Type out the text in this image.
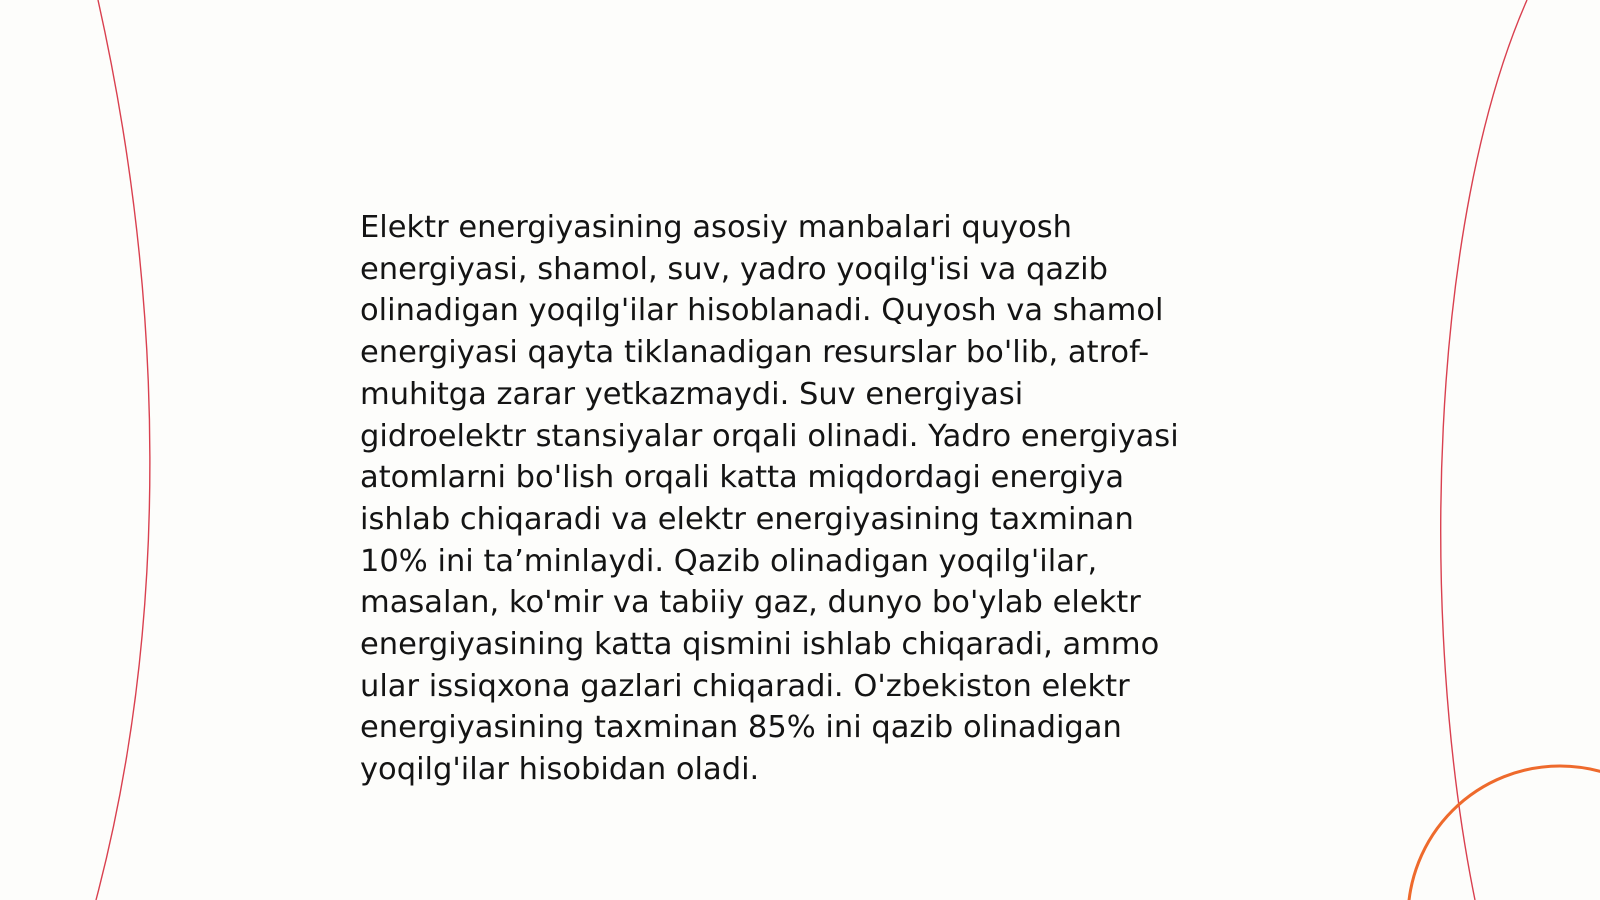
Elektr energiyasining asosiy manbalari quyosh
energiyasi, shamol, suv, yadro yoqilg'isi va qazib
olinadigan yoqilg'ilar hisoblanadi. Quyosh va shamol
energiyasi qayta tiklanadigan resurslar bo'lib, atrof-
muhitga zarar yetkazmaydi. Suv energiyasi
gidroelektr stansiyalar orqali olinadi. Yadro energiyasi
atomlarni bo'lish orqali katta miqdordagi energiya
ishlab chiqaradi va elektr energiyasining taxminan
10% ini ta’minlaydi. Qazib olinadigan yoqilg'ilar,
masalan, ko'mir va tabiiy gaz, dunyo bo'ylab elektr
energiyasining katta qismini ishlab chiqaradi, ammo
ular issiqxona gazlari chiqaradi. O'zbekiston elektr
energiyasining taxminan 85% ini qazib olinadigan
yoqilg'ilar hisobidan oladi.
